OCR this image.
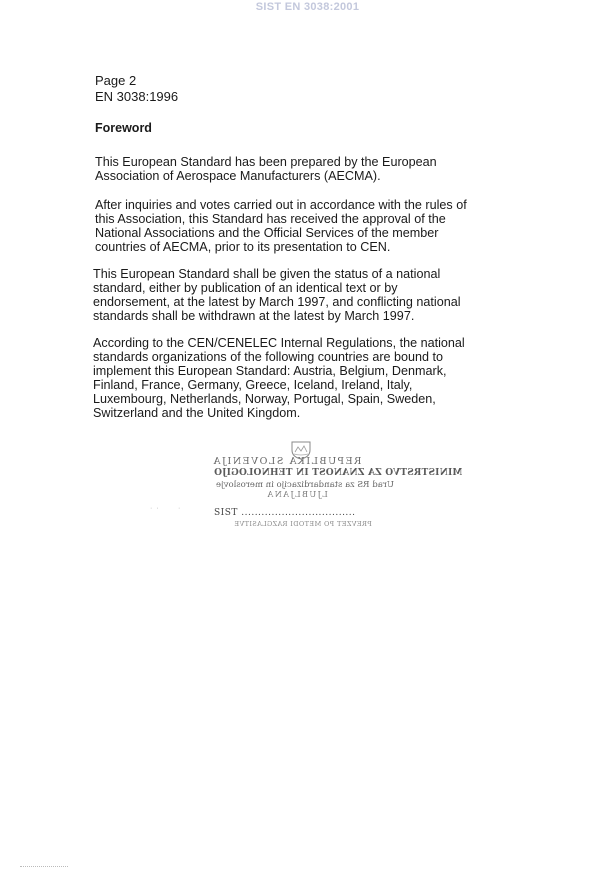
SIST EN 3038:2001
Page 2
EN 3038:1996
Foreword

This European Standard has been prepared by the European
Association of Aerospace Manufacturers (AECMA).

After inquiries and votes carried out in accordance with the rules of
this Association, this Standard has received the approval of the
National Associations and the Official Services of the member
countries of AECMA, prior to its presentation to CEN.

This European Standard shall be given the status of a national
standard, either by publication of an identical text or by
endorsement, at the latest by March 1997, and conflicting national
standards shall be withdrawn at the latest by March 1997.

According to the CEN/CENELEC Internal Regulations, the national
standards organizations of the following countries are bound to
implement this European Standard: Austria, Belgium, Denmark,
Finland, France, Germany, Greece, Iceland, Ireland, Italy,
Luxembourg, Netherlands, Norway, Portugal, Spain, Sweden,
Switzerland and the United Kingdom.

REPUBLIKA SLOVENIJA
MINISTRSTVO ZA ZNANOST IN TEHNOLOGIJO
Urad RS za standardizacijo in meroslovje
LJUBLJANA
SIST ..................................
PREVZET PO METODI RAZGLASITVE
·  ·          ·
